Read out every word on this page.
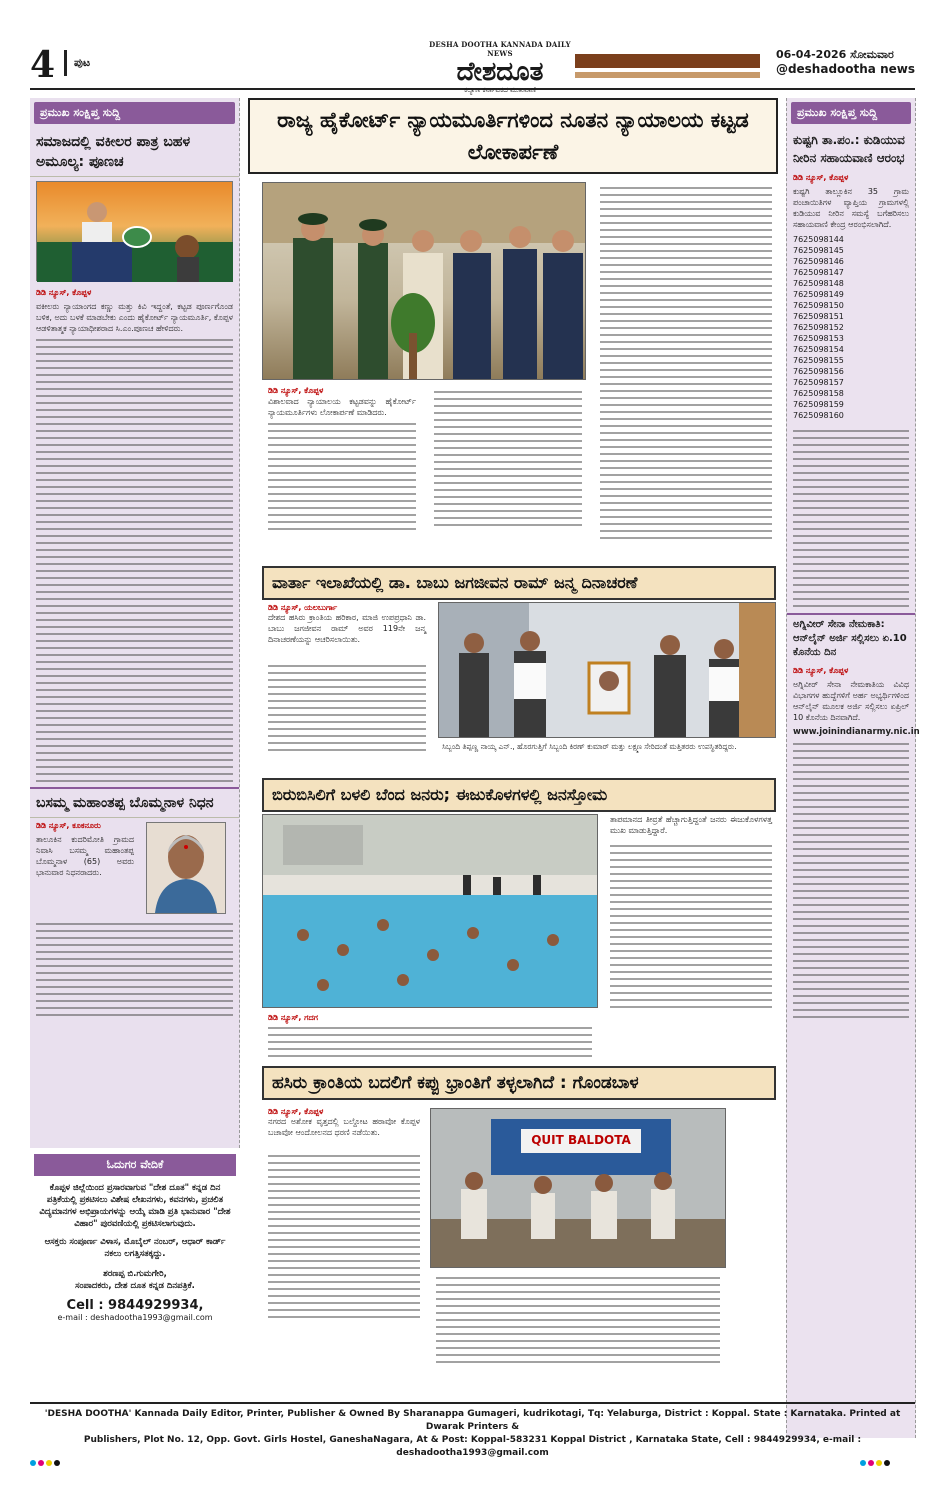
4 ಪುಟ
DESHA DOOTHA KANNADA DAILY NEWS
ದೇಶದೂತ
ಕಲ್ಯಾಣ ಕರ್ನಾಟಕದ ಮುಖವಾಣಿ
06-04-2026 ಸೋಮವಾರ
@deshadootha news
ಪ್ರಮುಖ ಸಂಕ್ಷಿಪ್ತ ಸುದ್ದಿ
ಸಮಾಜದಲ್ಲಿ ವಕೀಲರ ಪಾತ್ರ ಬಹಳ ಅಮೂಲ್ಯ: ಪೂಣಚ
ಡಿಡಿ ನ್ಯೂಸ್, ಕೊಪ್ಪಳ
ವಕೀಲರು ನ್ಯಾಯಾಂಗದ ಕಣ್ಣು ಮತ್ತು ಕಿವಿ ಇದ್ದಂತೆ, ಕಟ್ಟಡ ಪೂರ್ಣಗೊಂಡ ಬಳಿಕ, ಅದು ಬಳಕೆ ಮಾಡಬೇಕು ಎಂದು ಹೈಕೋರ್ಟ್ ನ್ಯಾಯಮೂರ್ತಿ, ಕೊಪ್ಪಳ ಆಡಳಿತಾತ್ಮಕ ನ್ಯಾಯಾಧೀಶರಾದ ಸಿ.ಎಂ.ಪೂಣಚ ಹೇಳಿದರು.
ಬಸಮ್ಮ ಮಹಾಂತಪ್ಪ ಬೊಮ್ಮನಾಳ ನಿಧನ
ಡಿಡಿ ನ್ಯೂಸ್, ಕೂಕನೂರು
ತಾಲೂಕಿನ ಕುದರಿಮೋತಿ ಗ್ರಾಮದ ನಿವಾಸಿ ಬಸಮ್ಮ ಮಹಾಂತಪ್ಪ ಬೊಮ್ಮನಾಳ (65) ಅವರು ಭಾನುವಾರ ನಿಧನರಾದರು.
ಓದುಗರ ವೇದಿಕೆ
ಕೊಪ್ಪಳ ಜಿಲ್ಲೆಯಿಂದ ಪ್ರಸಾರವಾಗುವ "ದೇಶ ದೂತ" ಕನ್ನಡ ದಿನ ಪತ್ರಿಕೆಯಲ್ಲಿ ಪ್ರಕಟಿಸಲು ವಿಶೇಷ ಲೇಖನಗಳು, ಕವನಗಳು, ಪ್ರಚಲಿತ ವಿದ್ಯಮಾನಗಳ ಅಭಿಪ್ರಾಯಗಳನ್ನು ಆಯ್ಕೆ ಮಾಡಿ ಪ್ರತಿ ಭಾನುವಾರ "ದೇಶ ವಿಹಾರ" ಪುರವಣಿಯಲ್ಲಿ ಪ್ರಕಟಿಸಲಾಗುವುದು.
ಆಸಕ್ತರು ಸಂಪೂರ್ಣ ವಿಳಾಸ, ಮೊಬೈಲ್ ನಂಬರ್, ಆಧಾರ್ ಕಾರ್ಡ್ ನಕಲು ಲಗತ್ತಿಸತಕ್ಕದ್ದು.
ಶರಣಪ್ಪ ಬಿ.ಗುಮಗೇರಿ,
ಸಂಪಾದಕರು, ದೇಶ ದೂತ ಕನ್ನಡ ದಿನಪತ್ರಿಕೆ.
Cell : 9844929934,
e-mail : deshadootha1993@gmail.com
ರಾಜ್ಯ ಹೈಕೋರ್ಟ್ ನ್ಯಾಯಮೂರ್ತಿಗಳಿಂದ ನೂತನ ನ್ಯಾಯಾಲಯ ಕಟ್ಟಡ ಲೋಕಾರ್ಪಣೆ
ಡಿಡಿ ನ್ಯೂಸ್, ಕೊಪ್ಪಳ
ವಿಶಾಲವಾದ ನ್ಯಾಯಾಲಯ ಕಟ್ಟಡವನ್ನು ಹೈಕೋರ್ಟ್ ನ್ಯಾಯಮೂರ್ತಿಗಳು ಲೋಕಾರ್ಪಣೆ ಮಾಡಿದರು.
ವಾರ್ತಾ ಇಲಾಖೆಯಲ್ಲಿ ಡಾ. ಬಾಬು ಜಗಜೀವನ ರಾಮ್ ಜನ್ಮ ದಿನಾಚರಣೆ
ಡಿಡಿ ನ್ಯೂಸ್, ಯಲಬುರ್ಗಾ
ದೇಶದ ಹಸಿರು ಕ್ರಾಂತಿಯ ಹರಿಕಾರ, ಮಾಜಿ ಉಪಪ್ರಧಾನಿ ಡಾ. ಬಾಬು ಜಗಜೀವನ ರಾಮ್ ಅವರ 119ನೇ ಜನ್ಮ ದಿನಾಚರಣೆಯನ್ನು ಆಚರಿಸಲಾಯಿತು.
ಸಿಬ್ಬಂದಿ ತಿಪ್ಪಣ್ಣ ನಾಯ್ಕ ಎನ್., ಹೊರಗುತ್ತಿಗೆ ಸಿಬ್ಬಂದಿ ಕಿರಣ್ ಕುಮಾರ್ ಮತ್ತು ಲಕ್ಷ್ಮಣ ಸೇರಿದಂತೆ ಮತ್ತಿತರರು ಉಪಸ್ಥಿತರಿದ್ದರು.
ಬಿರುಬಿಸಿಲಿಗೆ ಬಳಲಿ ಬೆಂದ ಜನರು; ಈಜುಕೊಳಗಳಲ್ಲಿ ಜನಸ್ತೋಮ
ಡಿಡಿ ನ್ಯೂಸ್, ಗದಗ
ತಾಪಮಾನದ ತೀವ್ರತೆ ಹೆಚ್ಚಾಗುತ್ತಿದ್ದಂತೆ ಜನರು ಈಜುಕೊಳಗಳತ್ತ ಮುಖ ಮಾಡುತ್ತಿದ್ದಾರೆ.
ಹಸಿರು ಕ್ರಾಂತಿಯ ಬದಲಿಗೆ ಕಪ್ಪು ಭ್ರಾಂತಿಗೆ ತಳ್ಳಲಾಗಿದೆ : ಗೊಂಡಬಾಳ
ಡಿಡಿ ನ್ಯೂಸ್, ಕೊಪ್ಪಳ
ನಗರದ ಅಶೋಕ ವೃತ್ತದಲ್ಲಿ ಬಲ್ದೋಟ ಹಠಾವೋ ಕೊಪ್ಪಳ ಬಚಾವೋ ಆಂದೋಲನದ ಧರಣಿ ನಡೆಯಿತು.
QUIT BALDOTA
ಪ್ರಮುಖ ಸಂಕ್ಷಿಪ್ತ ಸುದ್ದಿ
ಕುಷ್ಟಗಿ ತಾ.ಪಂ.: ಕುಡಿಯುವ ನೀರಿನ ಸಹಾಯವಾಣಿ ಆರಂಭ
ಡಿಡಿ ನ್ಯೂಸ್, ಕೊಪ್ಪಳ
ಕುಷ್ಟಗಿ ತಾಲ್ಲೂಕಿನ 35 ಗ್ರಾಮ ಪಂಚಾಯಿತಿಗಳ ವ್ಯಾಪ್ತಿಯ ಗ್ರಾಮಗಳಲ್ಲಿ ಕುಡಿಯುವ ನೀರಿನ ಸಮಸ್ಯೆ ಬಗೆಹರಿಸಲು ಸಹಾಯವಾಣಿ ಕೇಂದ್ರ ಆರಂಭಿಸಲಾಗಿದೆ.
7625098144
7625098145
7625098146
7625098147
7625098148
7625098149
7625098150
7625098151
7625098152
7625098153
7625098154
7625098155
7625098156
7625098157
7625098158
7625098159
7625098160
ಅಗ್ನಿವೀರ್ ಸೇನಾ ನೇಮಕಾತಿ: ಆನ್‌ಲೈನ್ ಅರ್ಜಿ ಸಲ್ಲಿಸಲು ಏ.10 ಕೊನೆಯ ದಿನ
ಡಿಡಿ ನ್ಯೂಸ್, ಕೊಪ್ಪಳ
ಅಗ್ನಿವೀರ್ ಸೇನಾ ನೇಮಕಾತಿಯ ವಿವಿಧ ವಿಭಾಗಗಳ ಹುದ್ದೆಗಳಿಗೆ ಅರ್ಹ ಅಭ್ಯರ್ಥಿಗಳಿಂದ ಆನ್‌ಲೈನ್ ಮೂಲಕ ಅರ್ಜಿ ಸಲ್ಲಿಸಲು ಏಪ್ರಿಲ್ 10 ಕೊನೆಯ ದಿನವಾಗಿದೆ.
www.joinindianarmy.nic.in
'DESHA DOOTHA' Kannada Daily Editor, Printer, Publisher & Owned By Sharanappa Gumageri, kudrikotagi, Tq: Yelaburga, District : Koppal. State : Karnataka. Printed at Dwarak Printers &
Publishers, Plot No. 12, Opp. Govt. Girls Hostel, GaneshaNagara, At & Post: Koppal-583231 Koppal District , Karnataka State, Cell : 9844929934, e-mail : deshadootha1993@gmail.com
